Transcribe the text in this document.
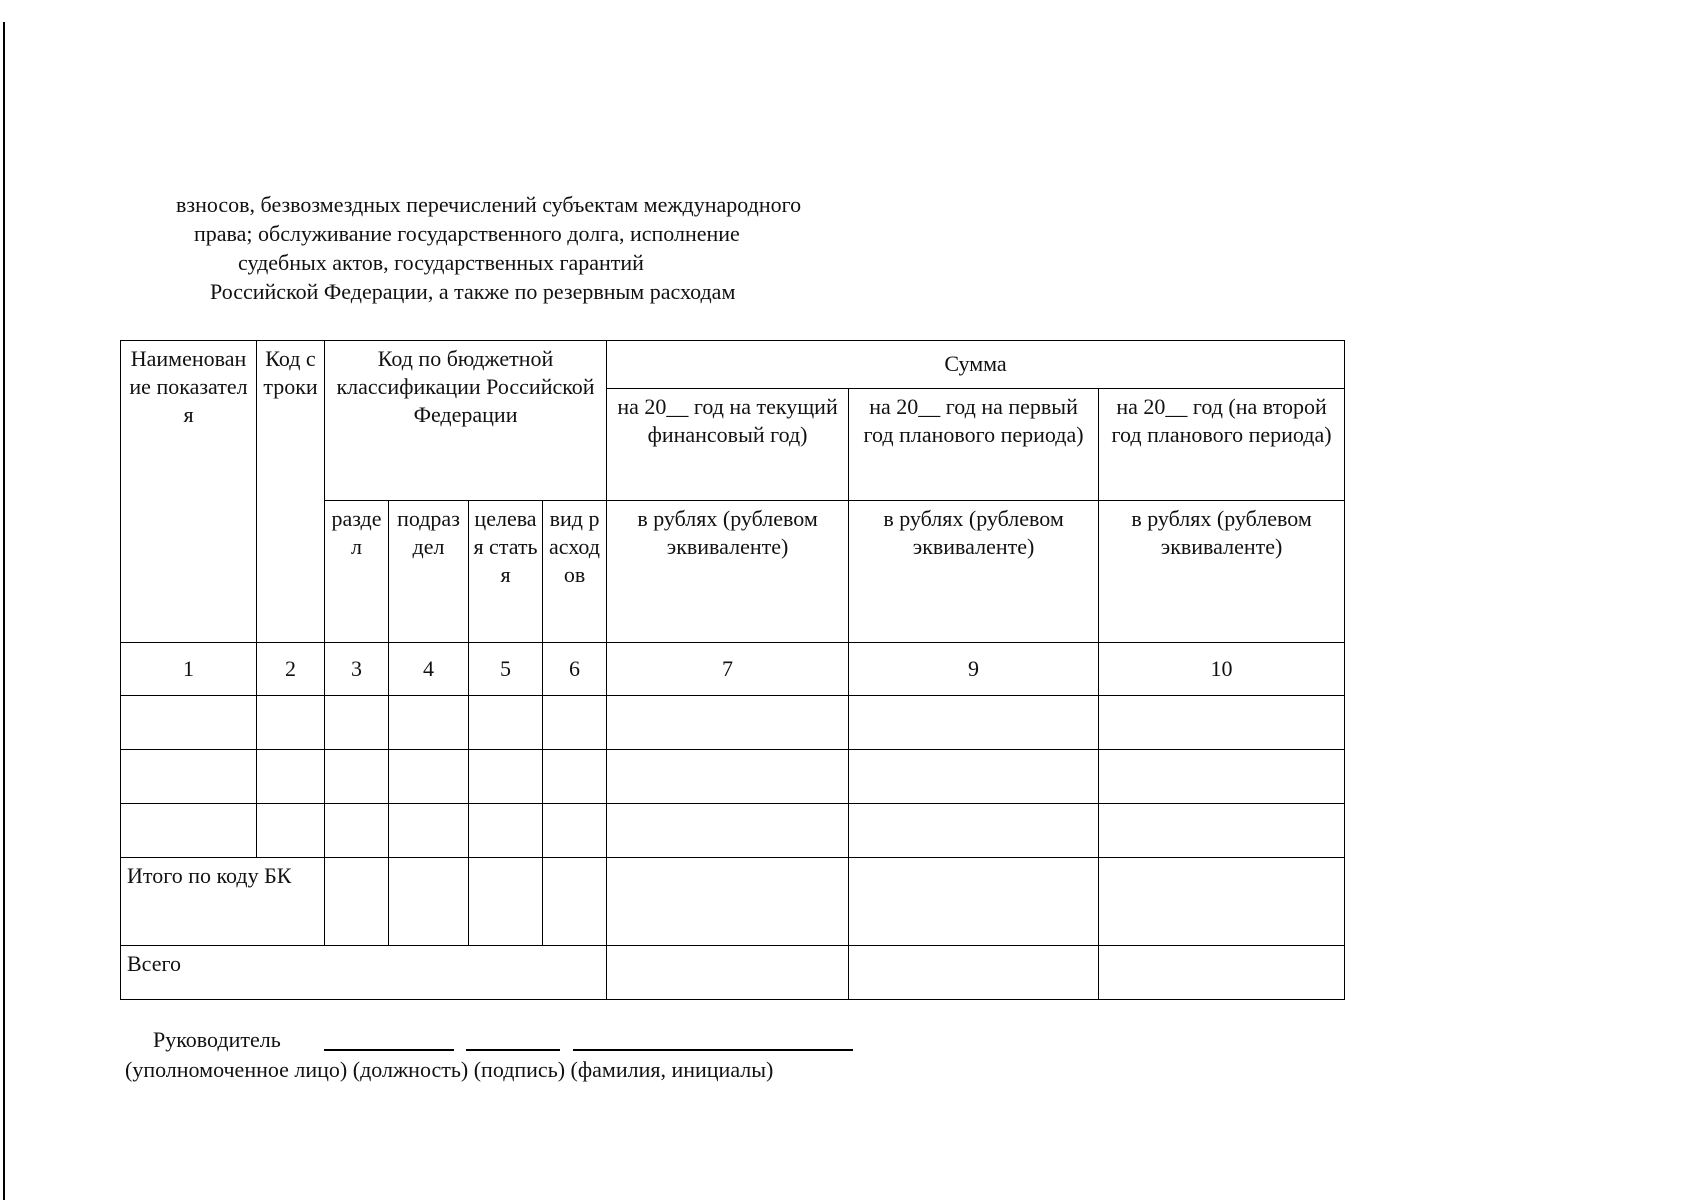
взносов, безвозмездных перечислений субъектам международного
права; обслуживание государственного долга, исполнение
судебных актов, государственных гарантий
Российской Федерации, а также по резервным расходам
Наименование показателя	Код строки	Код по бюджетной классификации Российской Федерации				Сумма		
						на 20__ год на текущий финансовый год)	на 20__ год на первый год планового периода)	на 20__ год (на второй год планового периода)
		раздел	подраздел	целевая статья	вид расходов	в рублях (рублевом эквиваленте)	в рублях (рублевом эквиваленте)	в рублях (рублевом эквиваленте)
1	2	3	4	5	6	7	9	10

Итого по коду БК								
Всего								
Руководитель
(уполномоченное лицо) (должность) (подпись) (фамилия, инициалы)
